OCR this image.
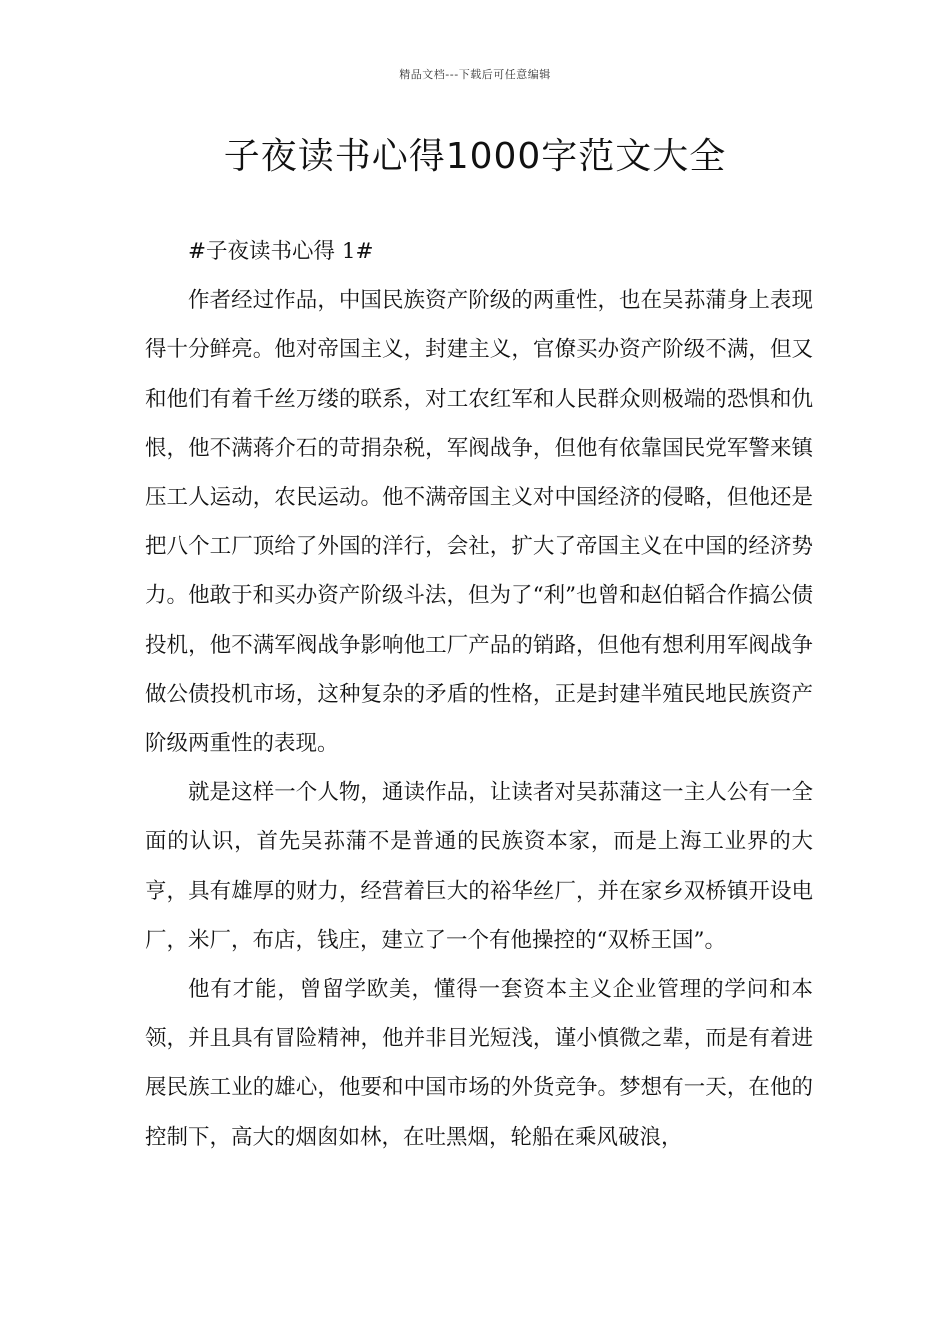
精品文档---下载后可任意编辑
子夜读书心得1000字范文大全

#子夜读书心得 1#

作者经过作品，中国民族资产阶级的两重性，也在吴荪蒲身上表现得十分鲜亮。他对帝国主义，封建主义，官僚买办资产阶级不满，但又和他们有着千丝万缕的联系，对工农红军和人民群众则极端的恐惧和仇恨，他不满蒋介石的苛捐杂税，军阀战争，但他有依靠国民党军警来镇压工人运动，农民运动。他不满帝国主义对中国经济的侵略，但他还是把八个工厂顶给了外国的洋行，会社，扩大了帝国主义在中国的经济势力。他敢于和买办资产阶级斗法，但为了“利”也曾和赵伯韬合作搞公债投机，他不满军阀战争影响他工厂产品的销路，但他有想利用军阀战争做公债投机市场，这种复杂的矛盾的性格，正是封建半殖民地民族资产阶级两重性的表现。

就是这样一个人物，通读作品，让读者对吴荪蒲这一主人公有一全面的认识，首先吴荪蒲不是普通的民族资本家，而是上海工业界的大亨，具有雄厚的财力，经营着巨大的裕华丝厂，并在家乡双桥镇开设电厂，米厂，布店，钱庄，建立了一个有他操控的“双桥王国”。

他有才能，曾留学欧美，懂得一套资本主义企业管理的学问和本领，并且具有冒险精神，他并非目光短浅，谨小慎微之辈，而是有着进展民族工业的雄心，他要和中国市场的外货竞争。梦想有一天，在他的控制下，高大的烟囱如林，在吐黑烟，轮船在乘风破浪，
